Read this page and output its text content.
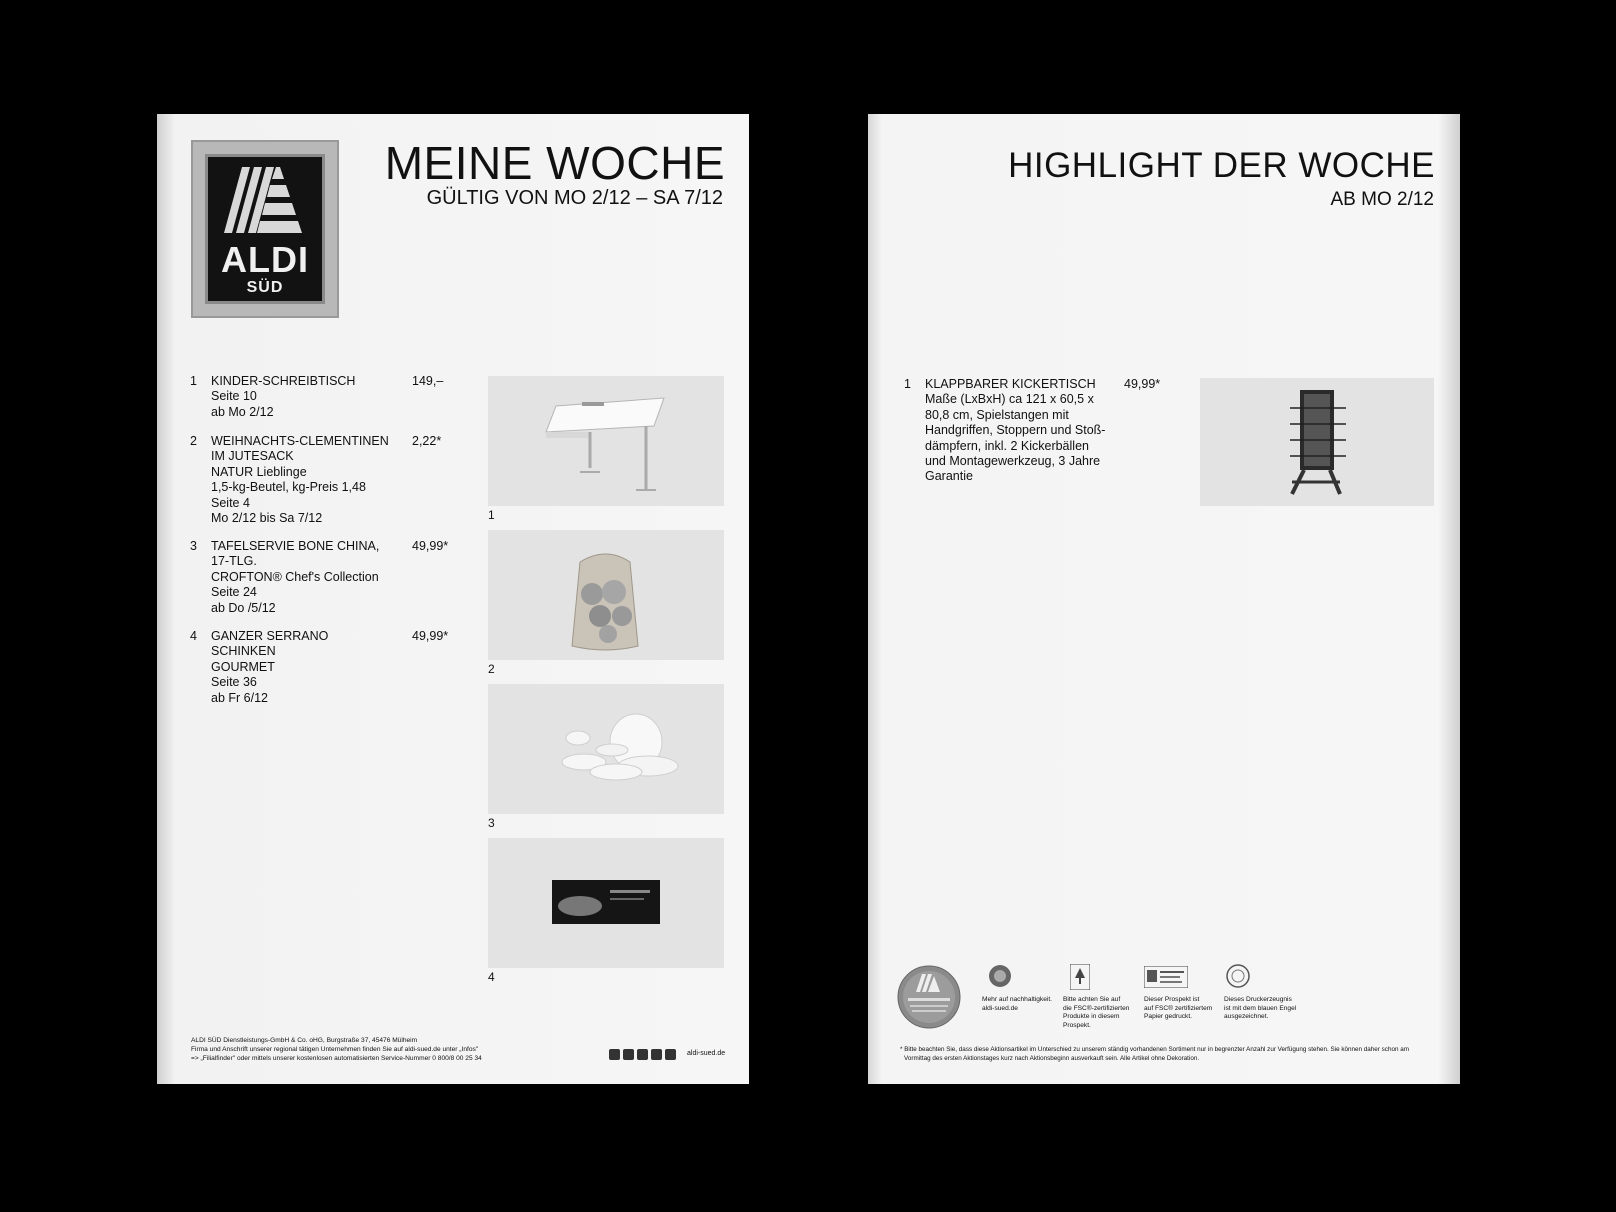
ALDI
SÜD
MEINE WOCHE
GÜLTIG VON MO 2/12 – SA 7/12
1 KINDER-SCHREIBTISCH
Seite 10
ab Mo 2/12
149,–
2 WEIHNACHTS-CLEMENTINEN
IM JUTESACK
NATUR Lieblinge
1,5-kg-Beutel, kg-Preis 1,48
Seite 4
Mo 2/12 bis Sa 7/12
2,22*
3 TAFELSERVIE BONE CHINA,
17-TLG.
CROFTON® Chef's Collection
Seite 24
ab Do /5/12
49,99*
4 GANZER SERRANO
SCHINKEN
GOURMET
Seite 36
ab Fr 6/12
49,99*
1
2
3
4
ALDI SÜD Dienstleistungs-GmbH & Co. oHG, Burgstraße 37, 45476 Mülheim
Firma und Anschrift unserer regional tätigen Unternehmen finden Sie auf aldi-sued.de unter „Infos"
=> „Filialfinder" oder mittels unserer kostenlosen automatisierten Service-Nummer 0 800/8 00 25 34
aldi-sued.de
HIGHLIGHT DER WOCHE
AB MO 2/12
1 KLAPPBARER KICKERTISCH
Maße (LxBxH) ca 121 x 60,5 x
80,8 cm, Spielstangen mit
Handgriffen, Stoppern und Stoß-
dämpfern, inkl. 2 Kickerbällen
und Montagewerkzeug, 3 Jahre
Garantie
49,99*
Mehr auf nachhaltigkeit.
aldi-sued.de
Bitte achten Sie auf
die FSC®-zertifizierten
Produkte in diesem
Prospekt.
Dieser Prospekt ist
auf FSC® zertifiziertem
Papier gedruckt.
Dieses Druckerzeugnis
ist mit dem blauen Engel
ausgezeichnet.
* Bitte beachten Sie, dass diese Aktionsartikel im Unterschied zu unserem ständig vorhandenen Sortiment nur in begrenzter Anzahl zur Verfügung stehen. Sie können daher schon am
Vormittag des ersten Aktionstages kurz nach Aktionsbeginn ausverkauft sein. Alle Artikel ohne Dekoration.
